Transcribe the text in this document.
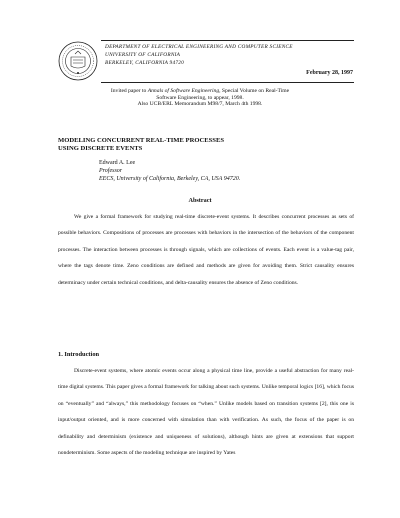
DEPARTMENT OF ELECTRICAL ENGINEERING AND COMPUTER SCIENCE
UNIVERSITY OF CALIFORNIA
BERKELEY, CALIFORNIA 94720
February 28, 1997
Invited paper to Annals of Software Engineering, Special Volume on Real-Time
Software Engineering, to appear, 1998.
Also UCB/ERL Memorandum M98/7, March 4th 1998.
MODELING CONCURRENT REAL-TIME PROCESSES
USING DISCRETE EVENTS
Edward A. Lee
Professor
EECS, University of California, Berkeley, CA, USA 94720.
Abstract
We give a formal framework for studying real-time discrete-event systems. It describes concurrent processes as sets of possible behaviors. Compositions of processes are processes with behaviors in the intersection of the behaviors of the component processes. The interaction between processes is through signals, which are collections of events. Each event is a value-tag pair, where the tags denote time. Zeno conditions are defined and methods are given for avoiding them. Strict causality ensures determinacy under certain technical conditions, and delta-causality ensures the absence of Zeno conditions.
1. Introduction
Discrete-event systems, where atomic events occur along a physical time line, provide a useful abstraction for many real-time digital systems. This paper gives a formal framework for talking about such systems. Unlike temporal logics [16], which focus on “eventually” and “always,” this methodology focuses on “when.” Unlike models based on transition systems [2], this one is input/output oriented, and is more concerned with simulation than with verification. As such, the focus of the paper is on definability and determinism (existence and uniqueness of solutions), although hints are given at extensions that support nondeterminism. Some aspects of the modeling technique are inspired by Yates
